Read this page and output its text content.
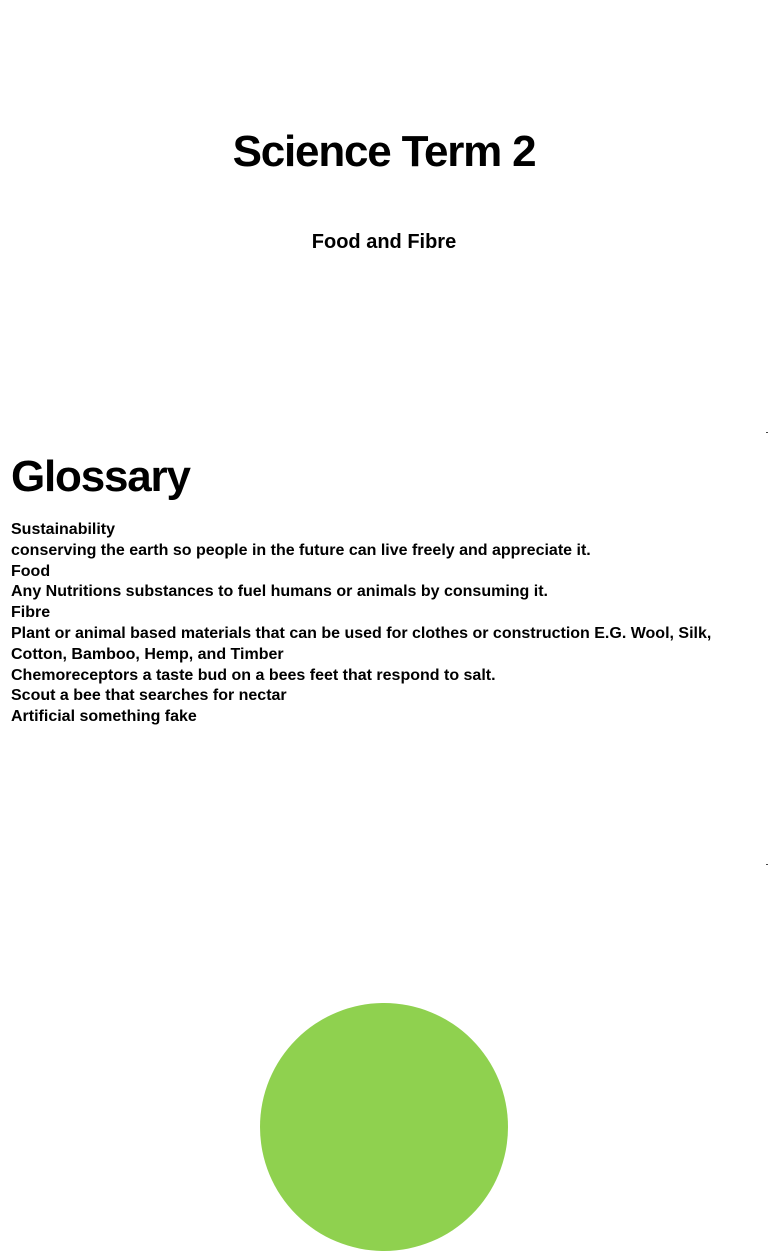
Science Term 2
Food and Fibre
Glossary
Sustainability
conserving the earth so people in the future can live freely and appreciate it.
Food
Any Nutritions substances to fuel humans or animals by consuming it.
Fibre
Plant or animal based materials that can be used for clothes or construction E.G. Wool, Silk, Cotton, Bamboo, Hemp, and Timber
Chemoreceptors a taste bud on a bees feet that respond to salt.
Scout a bee that searches for nectar
Artificial something fake
